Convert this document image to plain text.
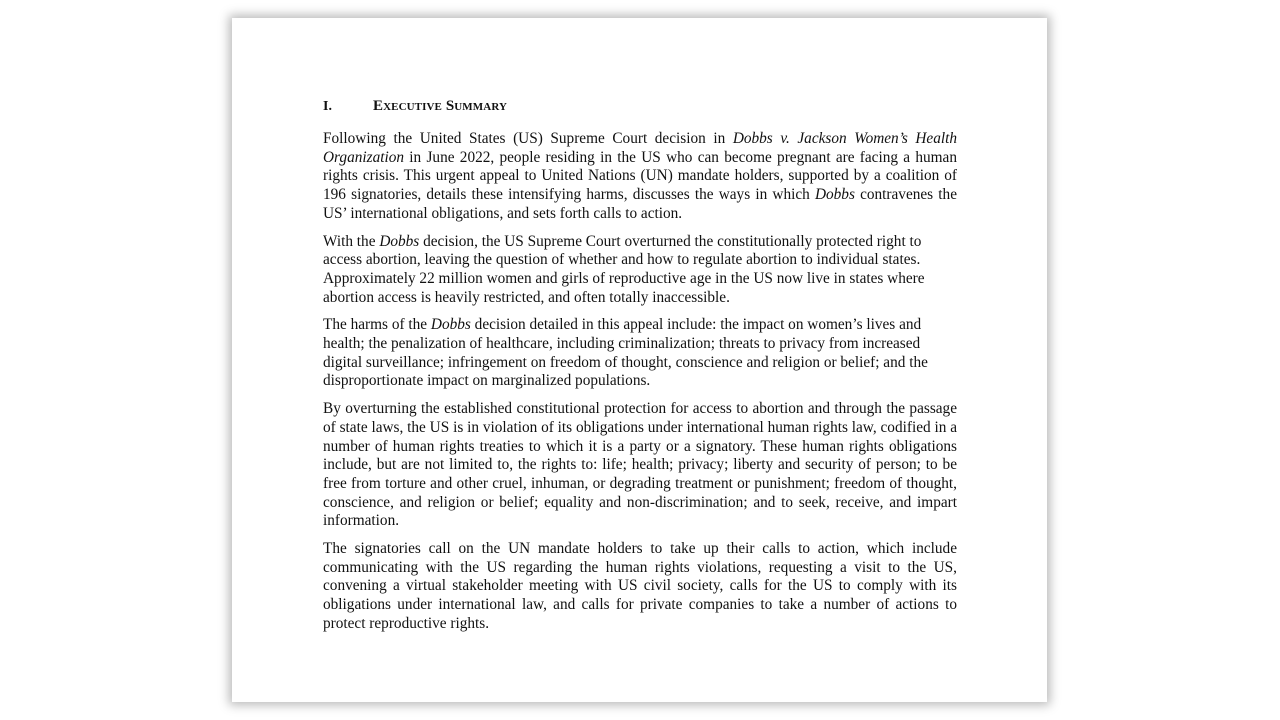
I.	Executive Summary

Following the United States (US) Supreme Court decision in Dobbs v. Jackson Women’s Health Organization in June 2022, people residing in the US who can become pregnant are facing a human rights crisis. This urgent appeal to United Nations (UN) mandate holders, supported by a coalition of 196 signatories, details these intensifying harms, discusses the ways in which Dobbs contravenes the US’ international obligations, and sets forth calls to action.

With the Dobbs decision, the US Supreme Court overturned the constitutionally protected right to access abortion, leaving the question of whether and how to regulate abortion to individual states. Approximately 22 million women and girls of reproductive age in the US now live in states where abortion access is heavily restricted, and often totally inaccessible.

The harms of the Dobbs decision detailed in this appeal include: the impact on women’s lives and health; the penalization of healthcare, including criminalization; threats to privacy from increased digital surveillance; infringement on freedom of thought, conscience and religion or belief; and the disproportionate impact on marginalized populations.

By overturning the established constitutional protection for access to abortion and through the passage of state laws, the US is in violation of its obligations under international human rights law, codified in a number of human rights treaties to which it is a party or a signatory. These human rights obligations include, but are not limited to, the rights to: life; health; privacy; liberty and security of person; to be free from torture and other cruel, inhuman, or degrading treatment or punishment; freedom of thought, conscience, and religion or belief; equality and non-discrimination; and to seek, receive, and impart information.

The signatories call on the UN mandate holders to take up their calls to action, which include communicating with the US regarding the human rights violations, requesting a visit to the US, convening a virtual stakeholder meeting with US civil society, calls for the US to comply with its obligations under international law, and calls for private companies to take a number of actions to protect reproductive rights.
